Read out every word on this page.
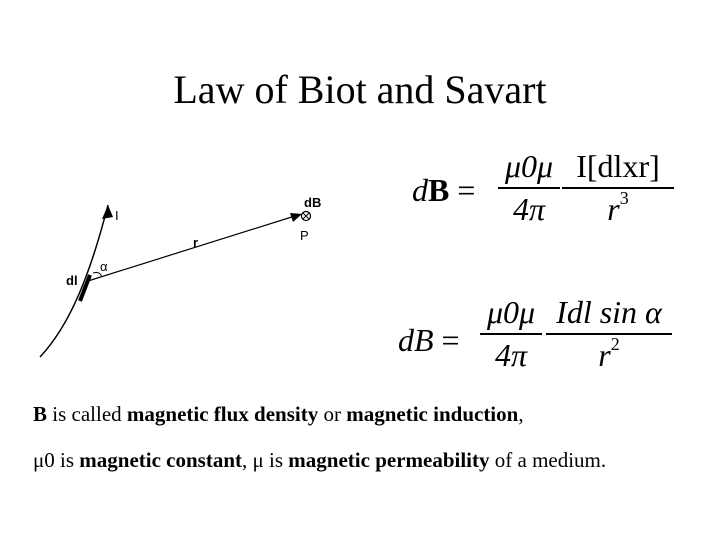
Law of Biot and Savart
I
dB
P
r
α
dl
dB =
μ0μ
4π
I[dlxr]
$r^3$
dB =
μ0μ
4π
Idl sin α
$r^2$
B is called magnetic flux density or magnetic induction,
μ0 is magnetic constant, μ is magnetic permeability of a medium.
